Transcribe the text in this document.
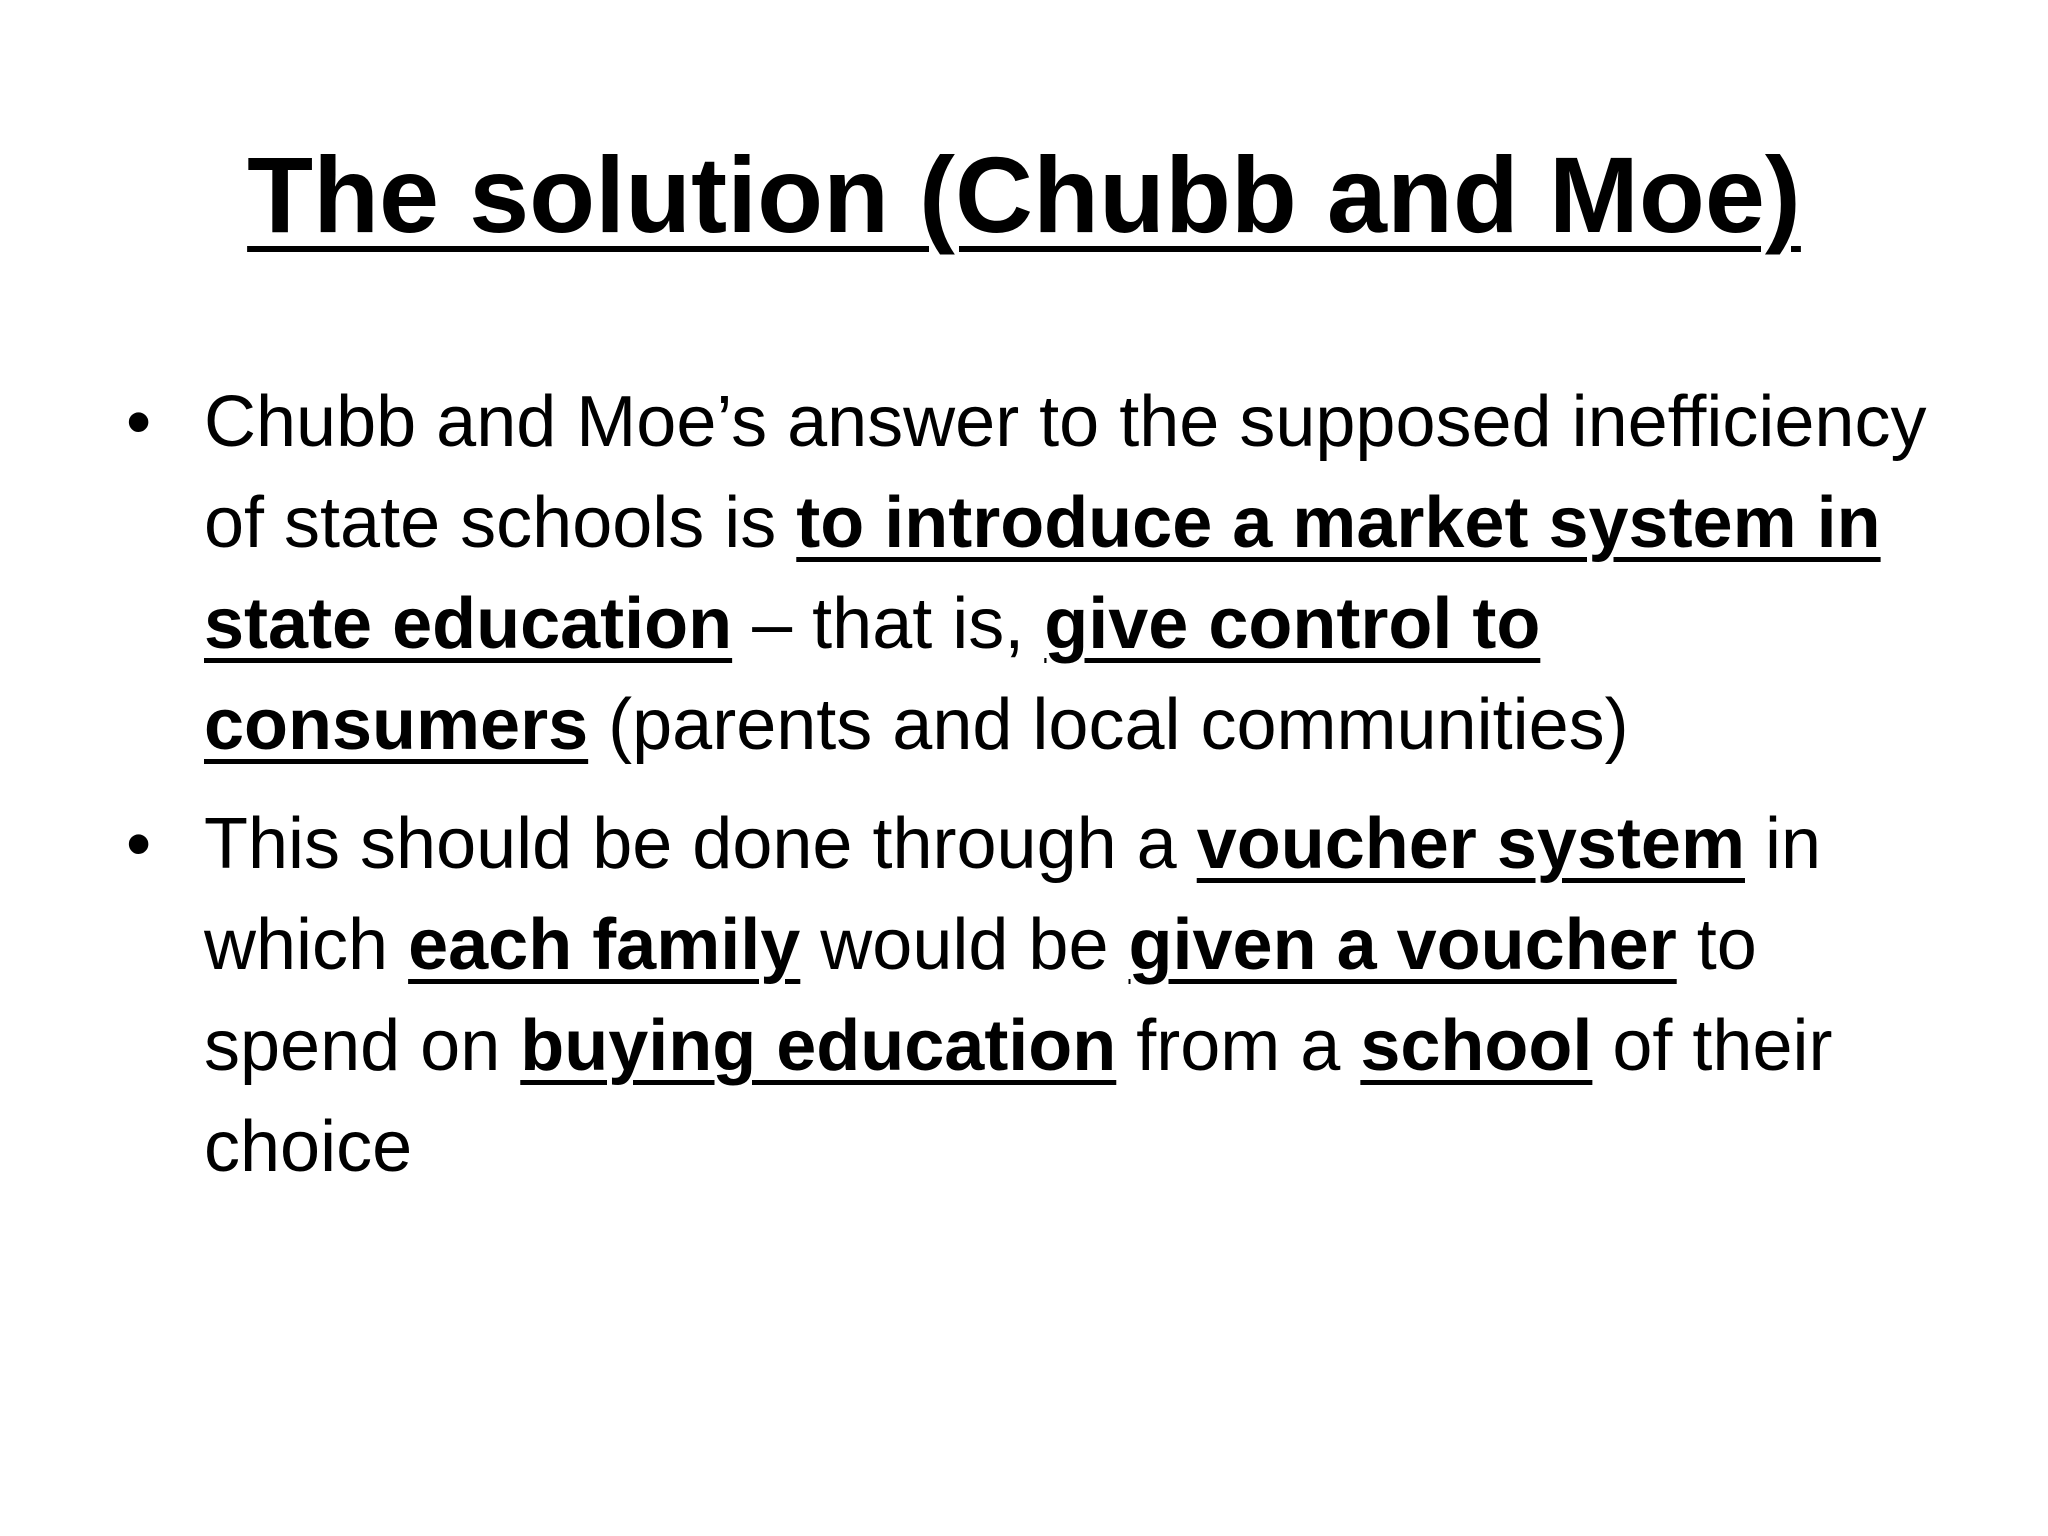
The solution (Chubb and Moe)
• Chubb and Moe’s answer to the supposed inefficiency of state schools is to introduce a market system in state education – that is, give control to consumers (parents and local communities)
• This should be done through a voucher system in which each family would be given a voucher to spend on buying education from a school of their choice
